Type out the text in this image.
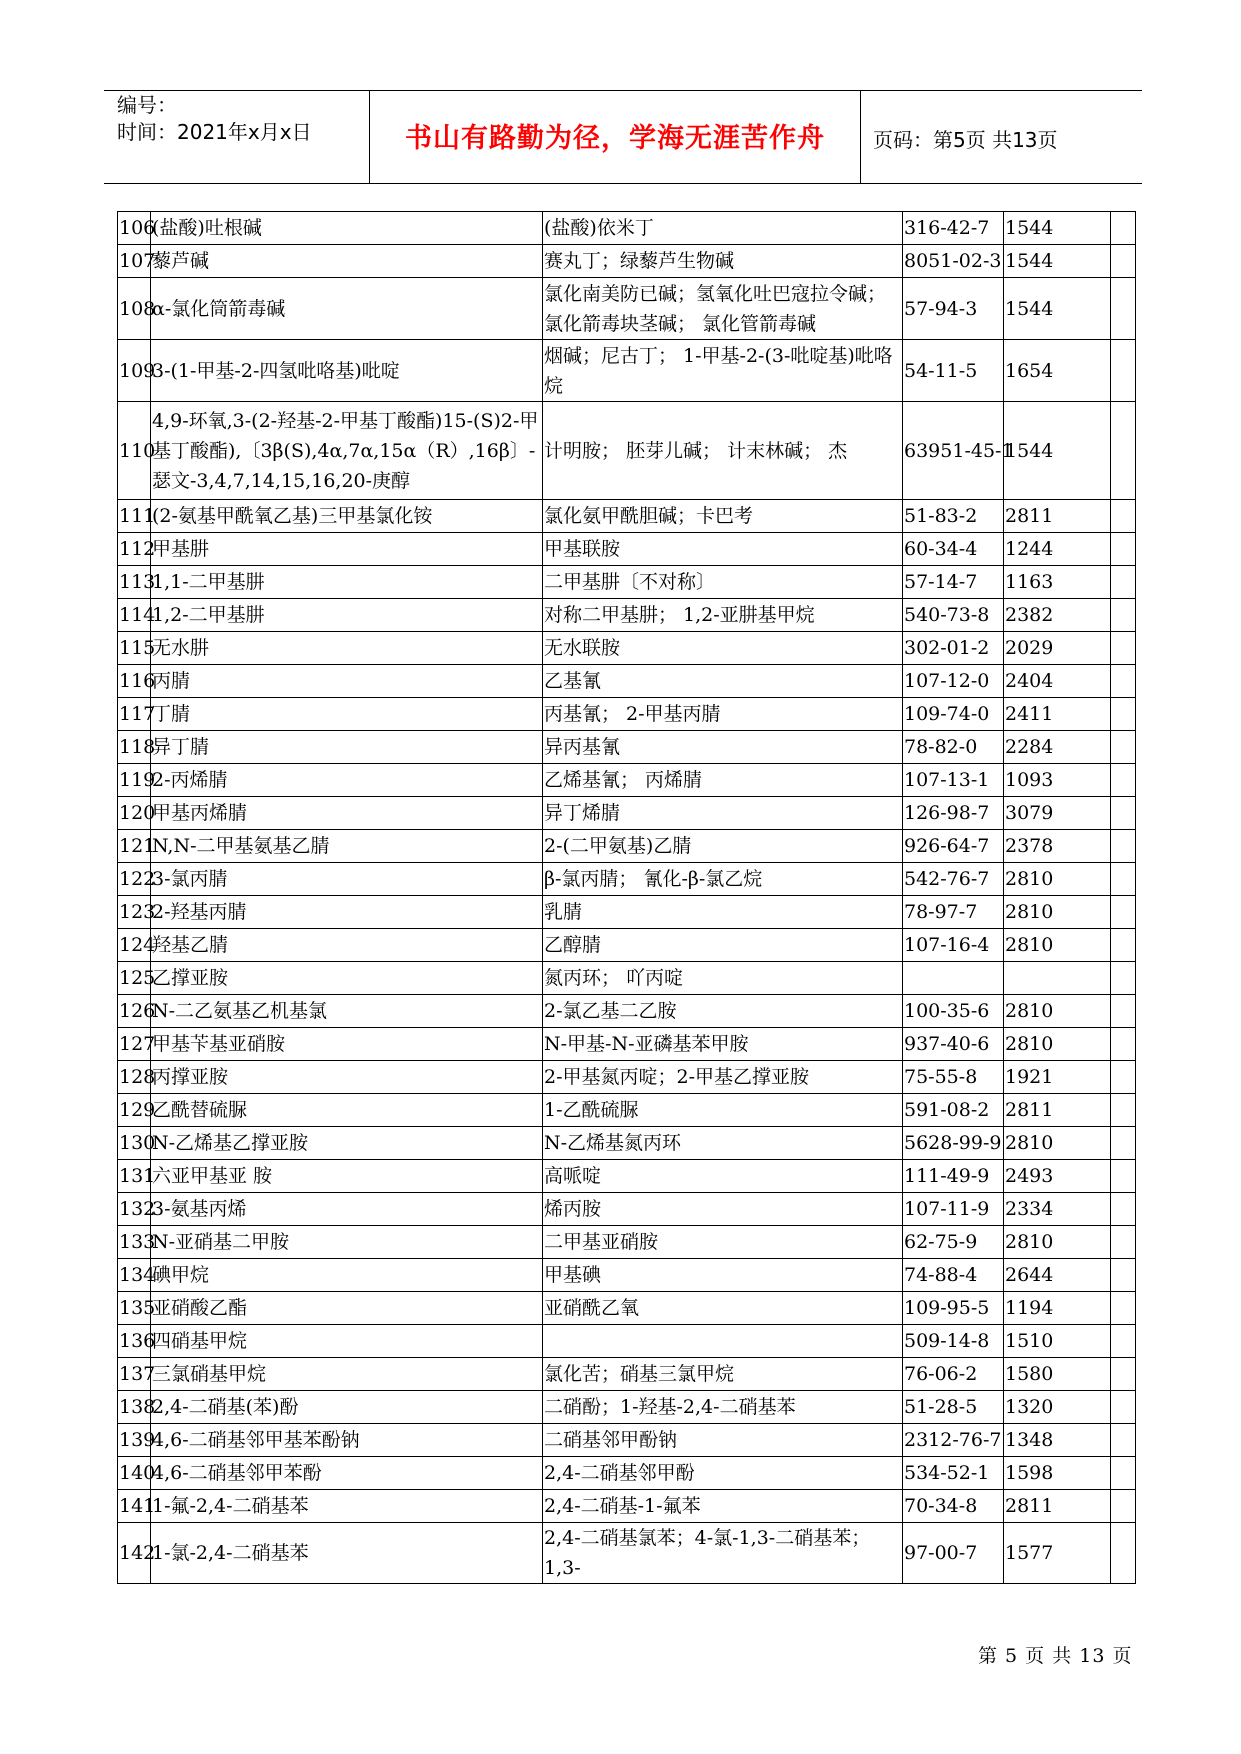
编号：
时间：2021年x月x日	书山有路勤为径，学海无涯苦作舟	页码：第5页 共13页
106	(盐酸)吐根碱	(盐酸)依米丁	316-42-7	1544	
107	藜芦碱	赛丸丁；绿藜芦生物碱	8051-02-3	1544	
108	α-氯化筒箭毒碱	氯化南美防已碱；氢氧化吐巴寇拉令碱；氯化箭毒块茎碱； 氯化管箭毒碱	57-94-3	1544	
109	3-(1-甲基-2-四氢吡咯基)吡啶	烟碱；尼古丁； 1-甲基-2-(3-吡啶基)吡咯烷	54-11-5	1654	
110	4,9-环氧,3-(2-羟基-2-甲基丁酸酯)15-(S)2-甲基丁酸酯),〔3β(S),4α,7α,15α（R）,16β〕-瑟文-3,4,7,14,15,16,20-庚醇	计明胺； 胚芽儿碱； 计末林碱； 杰	63951-45-1	1544	
111	(2-氨基甲酰氧乙基)三甲基氯化铵	氯化氨甲酰胆碱；卡巴考	51-83-2	2811	
112	甲基肼	甲基联胺	60-34-4	1244	
113	1,1-二甲基肼	二甲基肼〔不对称〕	57-14-7	1163	
114	1,2-二甲基肼	对称二甲基肼； 1,2-亚肼基甲烷	540-73-8	2382	
115	无水肼	无水联胺	302-01-2	2029	
116	丙腈	乙基氰	107-12-0	2404	
117	丁腈	丙基氰； 2-甲基丙腈	109-74-0	2411	
118	异丁腈	异丙基氰	78-82-0	2284	
119	2-丙烯腈	乙烯基氰； 丙烯腈	107-13-1	1093	
120	甲基丙烯腈	异丁烯腈	126-98-7	3079	
121	N,N-二甲基氨基乙腈	2-(二甲氨基)乙腈	926-64-7	2378	
122	3-氯丙腈	β-氯丙腈； 氰化-β-氯乙烷	542-76-7	2810	
123	2-羟基丙腈	乳腈	78-97-7	2810	
124	羟基乙腈	乙醇腈	107-16-4	2810	
125	乙撑亚胺	氮丙环； 吖丙啶			
126	N-二乙氨基乙机基氯	2-氯乙基二乙胺	100-35-6	2810	
127	甲基苄基亚硝胺	N-甲基-N-亚磷基苯甲胺	937-40-6	2810	
128	丙撑亚胺	2-甲基氮丙啶；2-甲基乙撑亚胺	75-55-8	1921	
129	乙酰替硫脲	1-乙酰硫脲	591-08-2	2811	
130	N-乙烯基乙撑亚胺	N-乙烯基氮丙环	5628-99-9	2810	
131	六亚甲基亚 胺	高哌啶	111-49-9	2493	
132	3-氨基丙烯	烯丙胺	107-11-9	2334	
133	N-亚硝基二甲胺	二甲基亚硝胺	62-75-9	2810	
134	碘甲烷	甲基碘	74-88-4	2644	
135	亚硝酸乙酯	亚硝酰乙氧	109-95-5	1194	
136	四硝基甲烷		509-14-8	1510	
137	三氯硝基甲烷	氯化苦；硝基三氯甲烷	76-06-2	1580	
138	2,4-二硝基(苯)酚	二硝酚；1-羟基-2,4-二硝基苯	51-28-5	1320	
139	4,6-二硝基邻甲基苯酚钠	二硝基邻甲酚钠	2312-76-7	1348	
140	4,6-二硝基邻甲苯酚	2,4-二硝基邻甲酚	534-52-1	1598	
141	1-氟-2,4-二硝基苯	2,4-二硝基-1-氟苯	70-34-8	2811	
142	1-氯-2,4-二硝基苯	2,4-二硝基氯苯；4-氯-1,3-二硝基苯；1,3-	97-00-7	1577	
第 5 页 共 13 页
